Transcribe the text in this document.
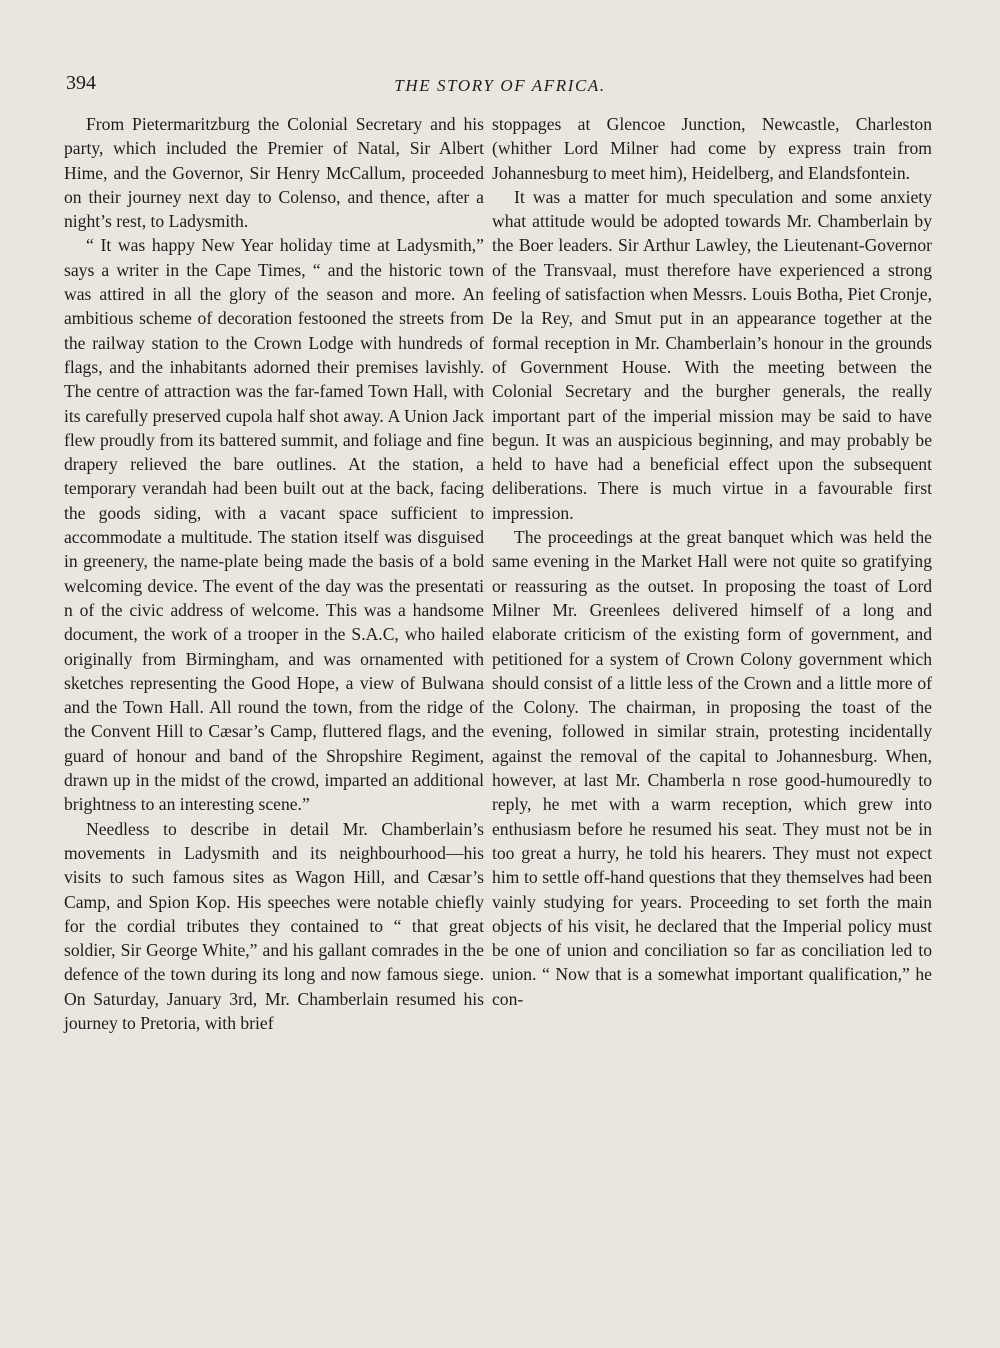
394	THE STORY OF AFRICA.

From Pietermaritzburg the Colonial Secretary and his party, which included the Premier of Natal, Sir Albert Hime, and the Governor, Sir Henry McCallum, proceeded on their journey next day to Colenso, and thence, after a night’s rest, to Ladysmith.

“ It was happy New Year holiday time at Ladysmith,” says a writer in the Cape Times, “ and the historic town was attired in all the glory of the season and more. An ambitious scheme of decoration festooned the streets from the railway station to the Crown Lodge with hundreds of flags, and the inhabitants adorned their premises lavishly. The centre of attraction was the far-famed Town Hall, with its carefully preserved cupola half shot away. A Union Jack flew proudly from its battered summit, and foliage and fine drapery relieved the bare outlines. At the station, a temporary verandah had been built out at the back, facing the goods siding, with a vacant space sufficient to accommodate a multitude. The station itself was disguised in greenery, the name-plate being made the basis of a bold welcoming device. The event of the day was the presentati n of the civic address of welcome. This was a handsome document, the work of a trooper in the S.A.C, who hailed originally from Birmingham, and was ornamented with sketches representing the Good Hope, a view of Bulwana and the Town Hall. All round the town, from the ridge of the Convent Hill to Cæsar’s Camp, fluttered flags, and the guard of honour and band of the Shropshire Regiment, drawn up in the midst of the crowd, imparted an additional brightness to an interesting scene.”

Needless to describe in detail Mr. Chamberlain’s movements in Ladysmith and its neighbourhood—his visits to such famous sites as Wagon Hill, and Cæsar’s Camp, and Spion Kop. His speeches were notable chiefly for the cordial tributes they contained to “ that great soldier, Sir George White,” and his gallant comrades in the defence of the town during its long and now famous siege. On Saturday, January 3rd, Mr. Chamberlain resumed his journey to Pretoria, with brief

stoppages at Glencoe Junction, Newcastle, Charleston (whither Lord Milner had come by express train from Johannesburg to meet him), Heidelberg, and Elandsfontein.

It was a matter for much speculation and some anxiety what attitude would be adopted towards Mr. Chamberlain by the Boer leaders. Sir Arthur Lawley, the Lieutenant-Governor of the Transvaal, must therefore have experienced a strong feeling of satisfaction when Messrs. Louis Botha, Piet Cronje, De la Rey, and Smut put in an appearance together at the formal reception in Mr. Chamberlain’s honour in the grounds of Government House. With the meeting between the Colonial Secretary and the burgher generals, the really important part of the imperial mission may be said to have begun. It was an auspicious beginning, and may probably be held to have had a beneficial effect upon the subsequent deliberations. There is much virtue in a favourable first impression.

The proceedings at the great banquet which was held the same evening in the Market Hall were not quite so gratifying or reassuring as the outset. In proposing the toast of Lord Milner Mr. Greenlees delivered himself of a long and elaborate criticism of the existing form of government, and petitioned for a system of Crown Colony government which should consist of a little less of the Crown and a little more of the Colony. The chairman, in proposing the toast of the evening, followed in similar strain, protesting incidentally against the removal of the capital to Johannesburg. When, however, at last Mr. Chamberla n rose good-humouredly to reply, he met with a warm reception, which grew into enthusiasm before he resumed his seat. They must not be in too great a hurry, he told his hearers. They must not expect him to settle off-hand questions that they themselves had been vainly studying for years. Proceeding to set forth the main objects of his visit, he declared that the Imperial policy must be one of union and conciliation so far as conciliation led to union. “ Now that is a somewhat important qualification,” he con-
